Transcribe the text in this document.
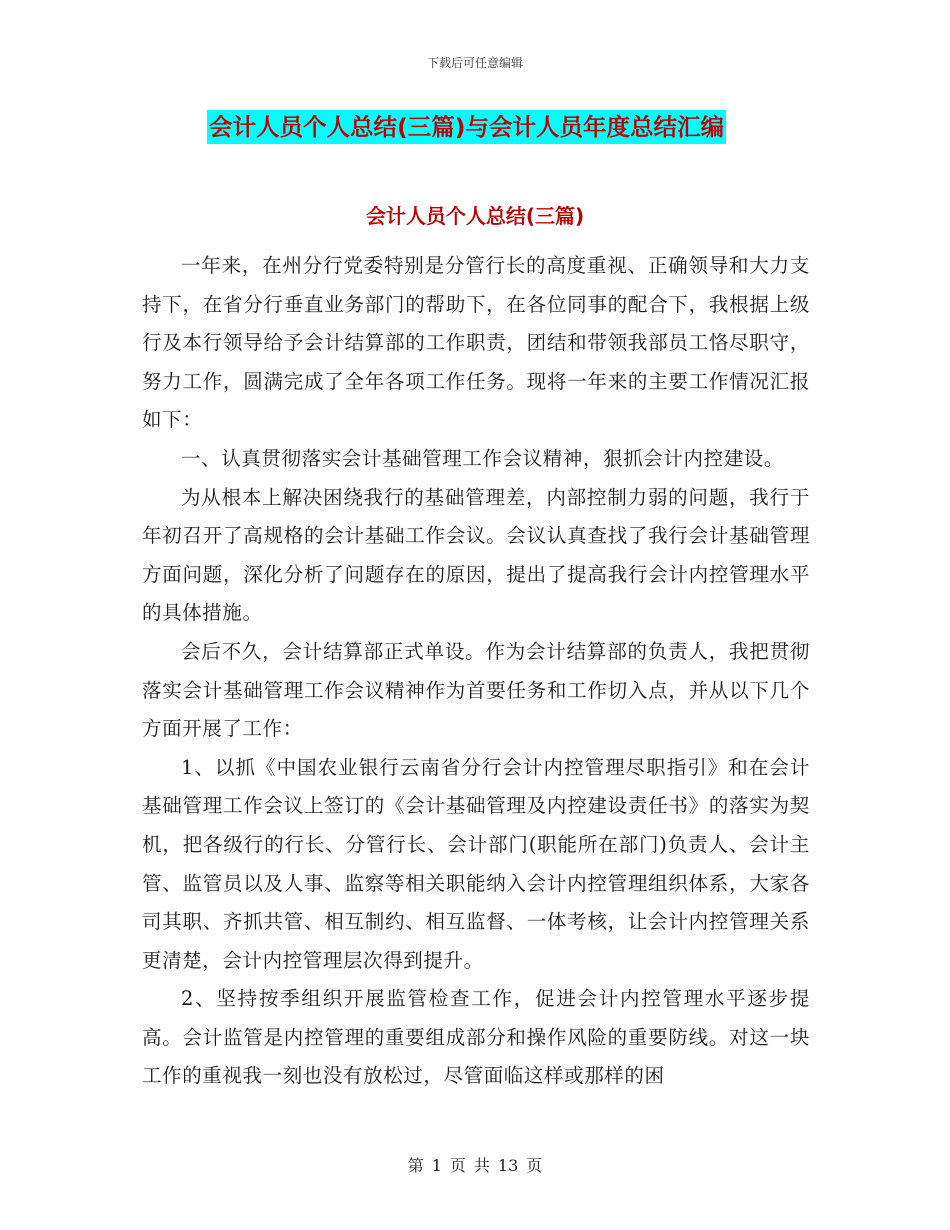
下载后可任意编辑
会计人员个人总结(三篇)与会计人员年度总结汇编
会计人员个人总结(三篇)

一年来，在州分行党委特别是分管行长的高度重视、正确领导和大力支持下，在省分行垂直业务部门的帮助下，在各位同事的配合下，我根据上级行及本行领导给予会计结算部的工作职责，团结和带领我部员工恪尽职守，努力工作，圆满完成了全年各项工作任务。现将一年来的主要工作情况汇报如下：

一、认真贯彻落实会计基础管理工作会议精神，狠抓会计内控建设。

为从根本上解决困绕我行的基础管理差，内部控制力弱的问题，我行于年初召开了高规格的会计基础工作会议。会议认真查找了我行会计基础管理方面问题，深化分析了问题存在的原因，提出了提高我行会计内控管理水平的具体措施。

会后不久，会计结算部正式单设。作为会计结算部的负责人，我把贯彻落实会计基础管理工作会议精神作为首要任务和工作切入点，并从以下几个方面开展了工作：

1、以抓《中国农业银行云南省分行会计内控管理尽职指引》和在会计基础管理工作会议上签订的《会计基础管理及内控建设责任书》的落实为契机，把各级行的行长、分管行长、会计部门(职能所在部门)负责人、会计主管、监管员以及人事、监察等相关职能纳入会计内控管理组织体系，大家各司其职、齐抓共管、相互制约、相互监督、一体考核，让会计内控管理关系更清楚，会计内控管理层次得到提升。

2、坚持按季组织开展监管检查工作，促进会计内控管理水平逐步提高。会计监管是内控管理的重要组成部分和操作风险的重要防线。对这一块工作的重视我一刻也没有放松过，尽管面临这样或那样的困

第 1 页 共 13 页
